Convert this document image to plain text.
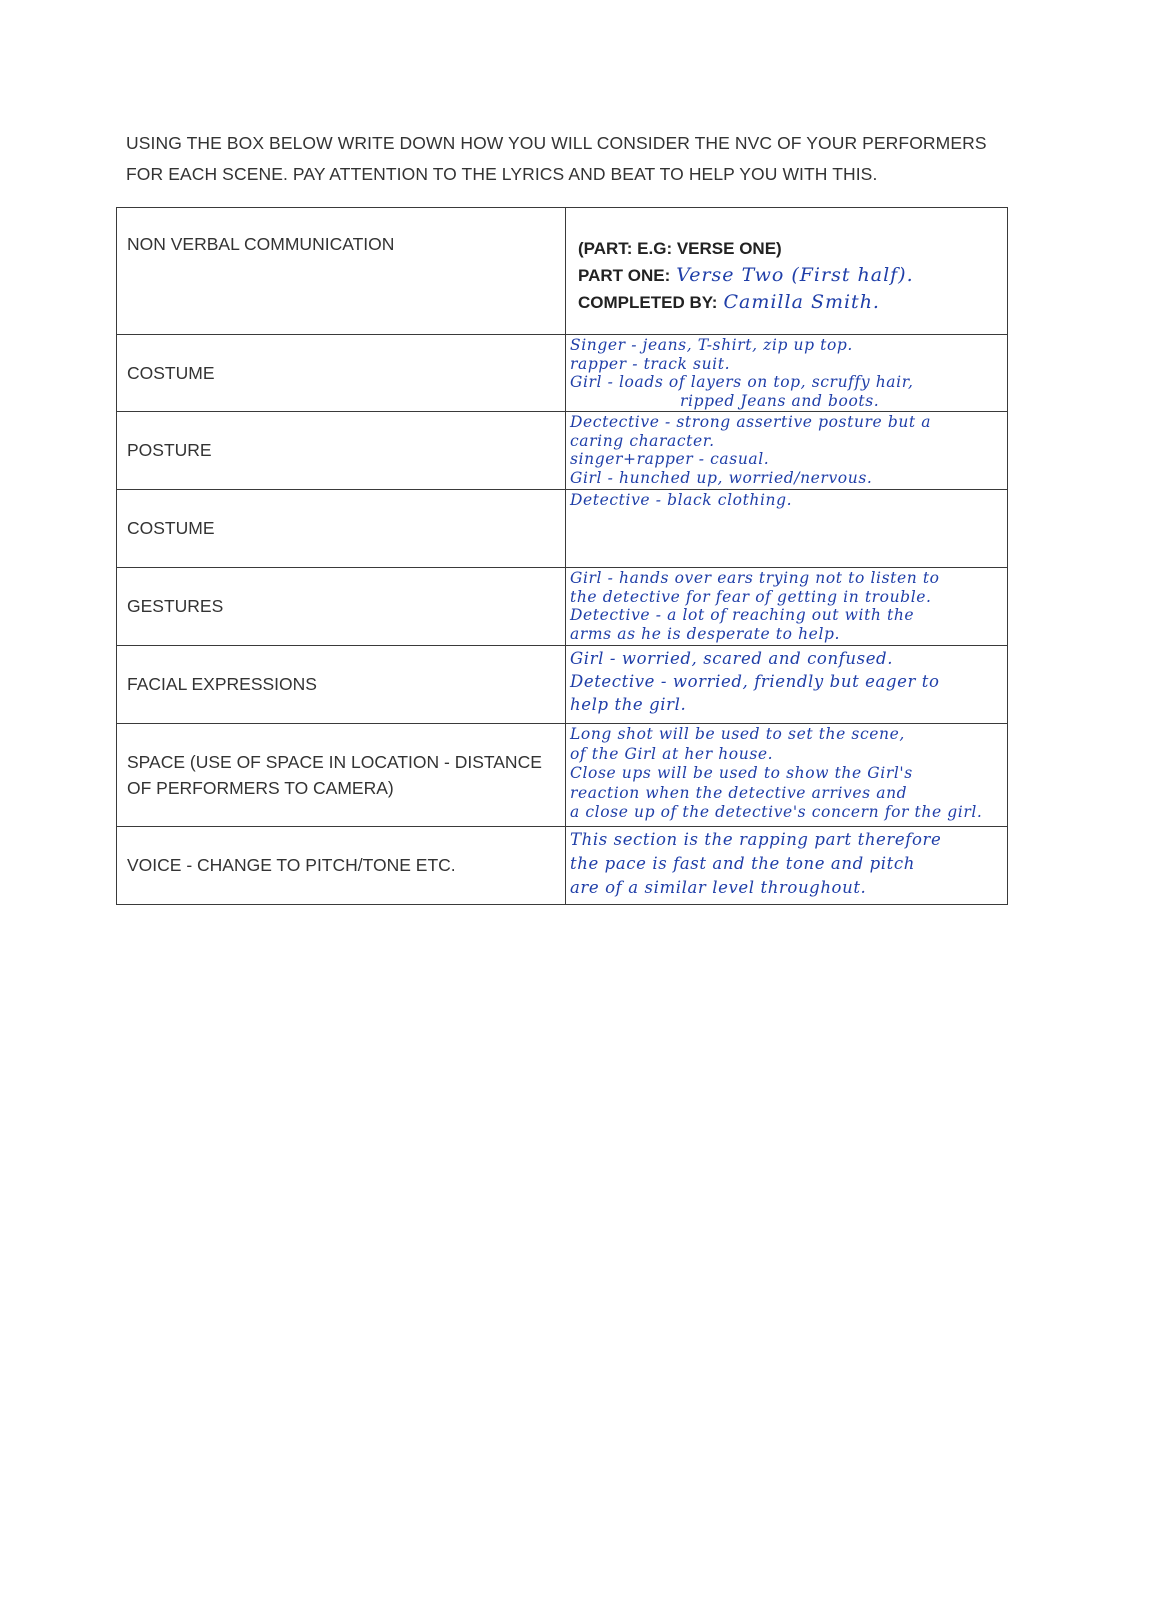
USING THE BOX BELOW WRITE DOWN HOW YOU WILL CONSIDER THE NVC OF YOUR PERFORMERS
FOR EACH SCENE. PAY ATTENTION TO THE LYRICS AND BEAT TO HELP YOU WITH THIS.
NON VERBAL COMMUNICATION	(PART: E.G: VERSE ONE)
PART ONE: Verse Two (First half).
COMPLETED BY: Camilla Smith.

COSTUME	Singer - jeans, T-shirt, zip up top.
rapper - track suit.
Girl - loads of layers on top, scruffy hair,
ripped Jeans and boots.

POSTURE	Dectective - strong assertive posture but a
caring character.
singer+rapper - casual.
Girl - hunched up, worried/nervous.

COSTUME	Detective - black clothing.

GESTURES	Girl - hands over ears trying not to listen to
the detective for fear of getting in trouble.
Detective - a lot of reaching out with the
arms as he is desperate to help.

FACIAL EXPRESSIONS	Girl - worried, scared and confused.
Detective - worried, friendly but eager to
help the girl.

SPACE (USE OF SPACE IN LOCATION - DISTANCE OF PERFORMERS TO CAMERA)	Long shot will be used to set the scene,
of the Girl at her house.
Close ups will be used to show the Girl's
reaction when the detective arrives and
a close up of the detective's concern for the girl.

VOICE - CHANGE TO PITCH/TONE ETC.	This section is the rapping part therefore
the pace is fast and the tone and pitch
are of a similar level throughout.
